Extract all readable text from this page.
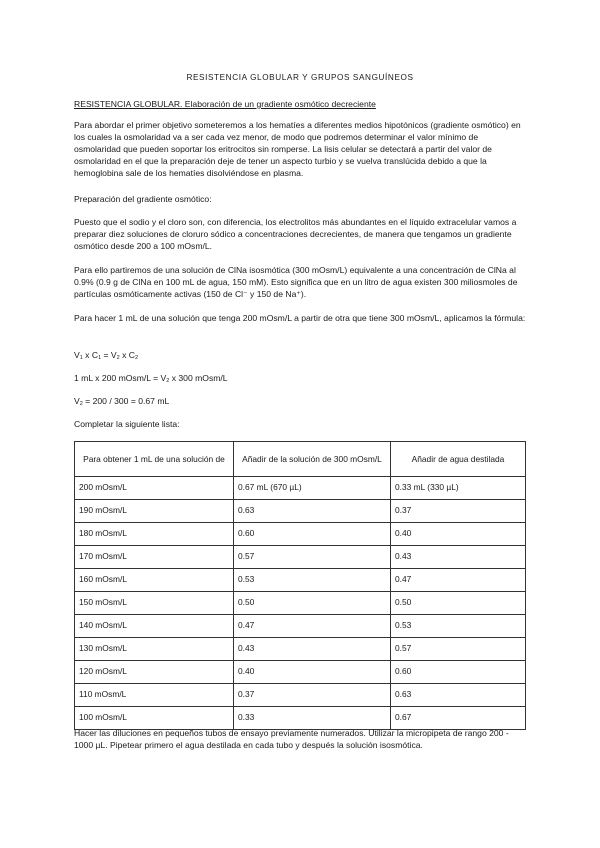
RESISTENCIA GLOBULAR Y GRUPOS SANGUÍNEOS
RESISTENCIA GLOBULAR. Elaboración de un gradiente osmótico decreciente

Para abordar el primer objetivo someteremos a los hematíes a diferentes medios hipotónicos (gradiente osmótico) en los cuales la osmolaridad va a ser cada vez menor, de modo que podremos determinar el valor mínimo de osmolaridad que pueden soportar los eritrocitos sin romperse. La lisis celular se detectará a partir del valor de osmolaridad en el que la preparación deje de tener un aspecto turbio y se vuelva translúcida debido a que la hemoglobina sale de los hematíes disolviéndose en plasma.

Preparación del gradiente osmótico:

Puesto que el sodio y el cloro son, con diferencia, los electrolitos más abundantes en el líquido extracelular vamos a preparar diez soluciones de cloruro sódico a concentraciones decrecientes, de manera que tengamos un gradiente osmótico desde 200 a 100 mOsm/L.

Para ello partiremos de una solución de ClNa isosmótica (300 mOsm/L) equivalente a una concentración de ClNa al 0.9% (0.9 g de ClNa en 100 mL de agua, 150 mM). Esto significa que en un litro de agua existen 300 miliosmoles de partículas osmóticamente activas (150 de Cl⁻ y 150 de Na⁺).

Para hacer 1 mL de una solución que tenga 200 mOsm/L a partir de otra que tiene 300 mOsm/L, aplicamos la fórmula:

V1 x C1 = V2 x C2

1 mL x 200 mOsm/L = V2 x 300 mOsm/L

V2 = 200 / 300 = 0.67 mL

Completar la siguiente lista:

Para obtener 1 mL de una solución de	Añadir de la solución de 300 mOsm/L	Añadir de agua destilada
200 mOsm/L	0.67 mL (670 µL)	0.33 mL (330 µL)
190 mOsm/L	0.63	0.37
180 mOsm/L	0.60	0.40
170 mOsm/L	0.57	0.43
160 mOsm/L	0.53	0.47
150 mOsm/L	0.50	0.50
140 mOsm/L	0.47	0.53
130 mOsm/L	0.43	0.57
120 mOsm/L	0.40	0.60
110 mOsm/L	0.37	0.63
100 mOsm/L	0.33	0.67

Hacer las diluciones en pequeños tubos de ensayo previamente numerados. Utilizar la micropipeta de rango 200 - 1000 µL. Pipetear primero el agua destilada en cada tubo y después la solución isosmótica.
